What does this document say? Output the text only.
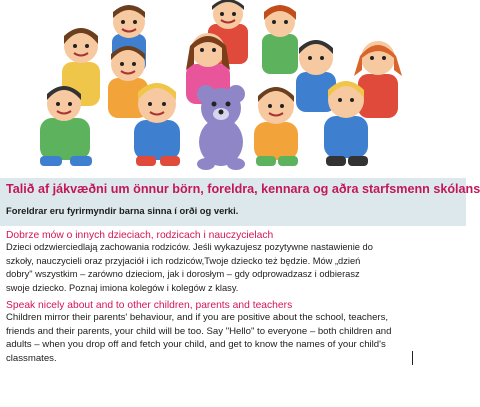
Talið af jákvæðni um önnur börn, foreldra, kennara og aðra starfsmenn skólans
Foreldrar eru fyrirmyndir barna sinna í orði og verki.
Dobrze mów o innych dzieciach, rodzicach i nauczycielach
Dzieci odzwierciedlają zachowania rodziców. Jeśli wykazujesz pozytywne nastawienie do
szkoły, nauczycieli oraz przyjaciół i ich rodziców,Twoje dziecko też będzie. Mów „dzień
dobry" wszystkim – zarówno dzieciom, jak i dorosłym – gdy odprowadzasz i odbierasz
swoje dziecko. Poznaj imiona kolegów i kolegów z klasy.
Speak nicely about and to other children, parents and teachers
Children mirror their parents' behaviour, and if you are positive about the school, teachers,
friends and their parents, your child will be too. Say "Hello" to everyone – both children and
adults – when you drop off and fetch your child, and get to know the names of your child's
classmates.
